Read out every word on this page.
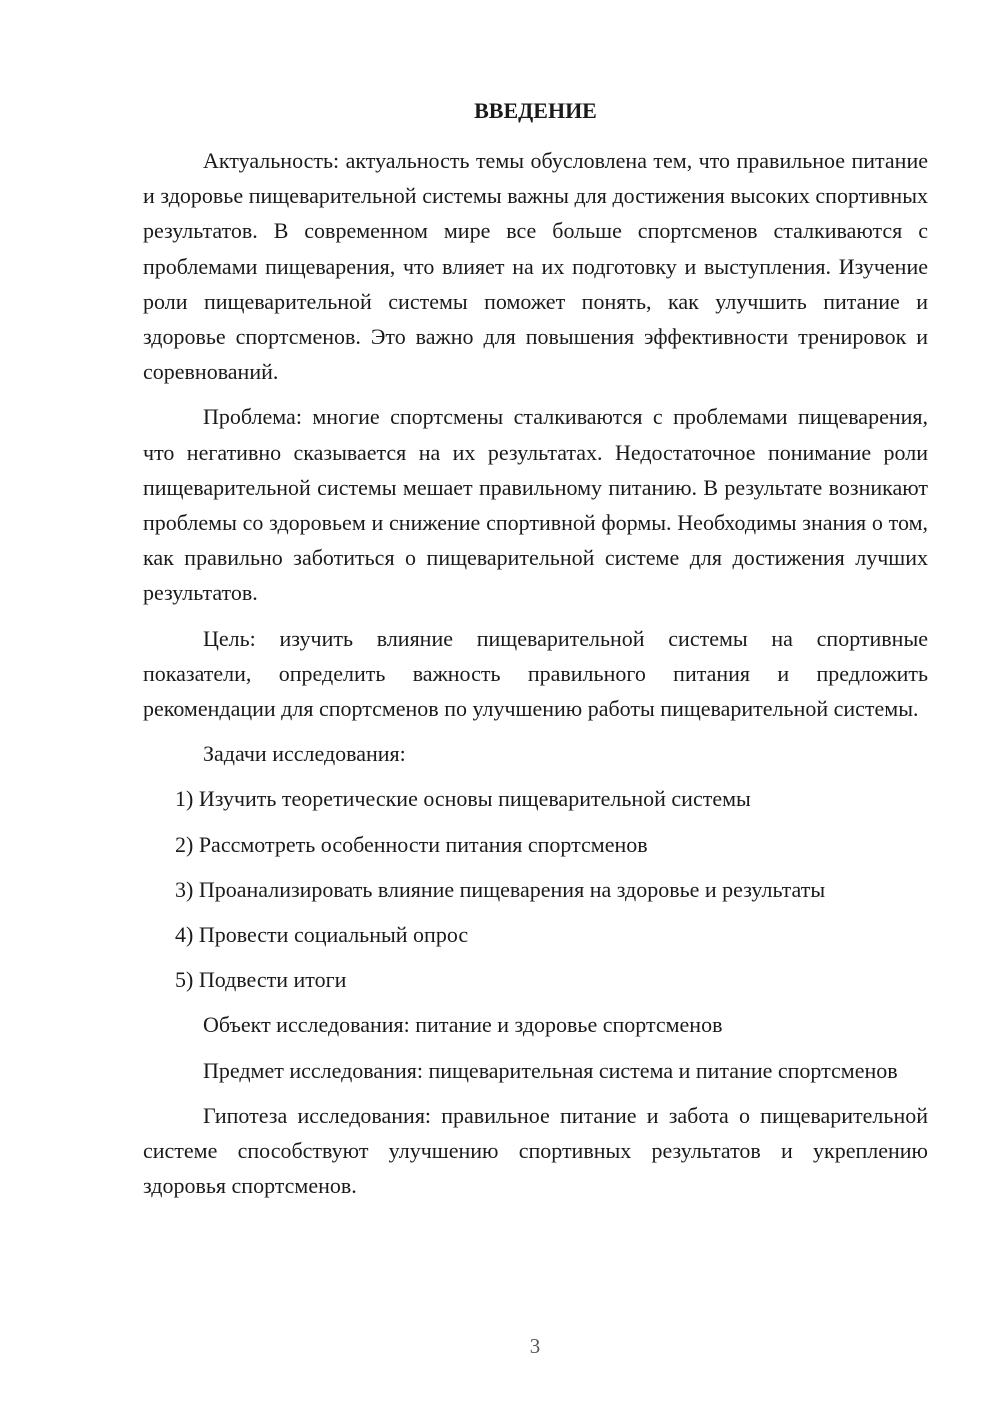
ВВЕДЕНИЕ

Актуальность: актуальность темы обусловлена тем, что правильное питание и здоровье пищеварительной системы важны для достижения высоких спортивных результатов. В современном мире все больше спортсменов сталкиваются с проблемами пищеварения, что влияет на их подготовку и выступления. Изучение роли пищеварительной системы поможет понять, как улучшить питание и здоровье спортсменов. Это важно для повышения эффективности тренировок и соревнований.

Проблема: многие спортсмены сталкиваются с проблемами пищеварения, что негативно сказывается на их результатах. Недостаточное понимание роли пищеварительной системы мешает правильному питанию. В результате возникают проблемы со здоровьем и снижение спортивной формы. Необходимы знания о том, как правильно заботиться о пищеварительной системе для достижения лучших результатов.

Цель: изучить влияние пищеварительной системы на спортивные показатели, определить важность правильного питания и предложить рекомендации для спортсменов по улучшению работы пищеварительной системы.

Задачи исследования:

1) Изучить теоретические основы пищеварительной системы
2) Рассмотреть особенности питания спортсменов
3) Проанализировать влияние пищеварения на здоровье и результаты
4) Провести социальный опрос
5) Подвести итоги

Объект исследования: питание и здоровье спортсменов

Предмет исследования: пищеварительная система и питание спортсменов

Гипотеза исследования: правильное питание и забота о пищеварительной системе способствуют улучшению спортивных результатов и укреплению здоровья спортсменов.

3
